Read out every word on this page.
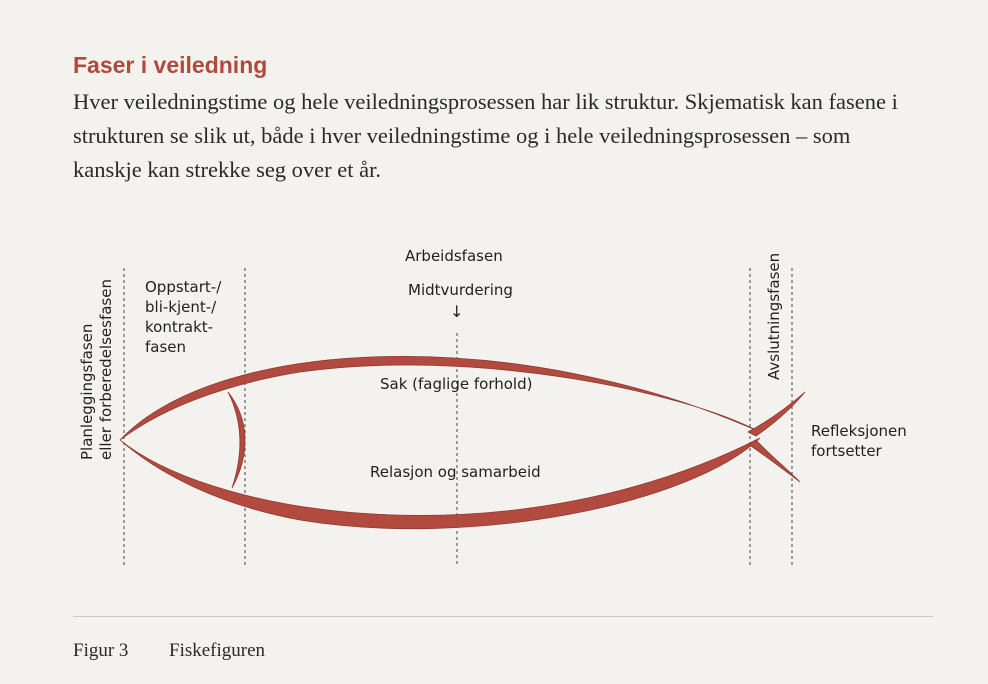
Faser i veiledning
Hver veiledningstime og hele veiledningsprosessen har lik struktur. Skjematisk kan fasene i strukturen se slik ut, både i hver veiledningstime og i hele veiledningsprosessen – som kanskje kan strekke seg over et år.
Planleggingsfasen eller forberedelsesfasen Oppstart-/
bli-kjent-/
kontrakt-
fasen
Arbeidsfasen
Midtvurdering
↓	Avslutningsfasen
Sak (faglige forhold)
Relasjon og samarbeid
Refleksjonen
fortsetter
Figur 3 Fiskefiguren
